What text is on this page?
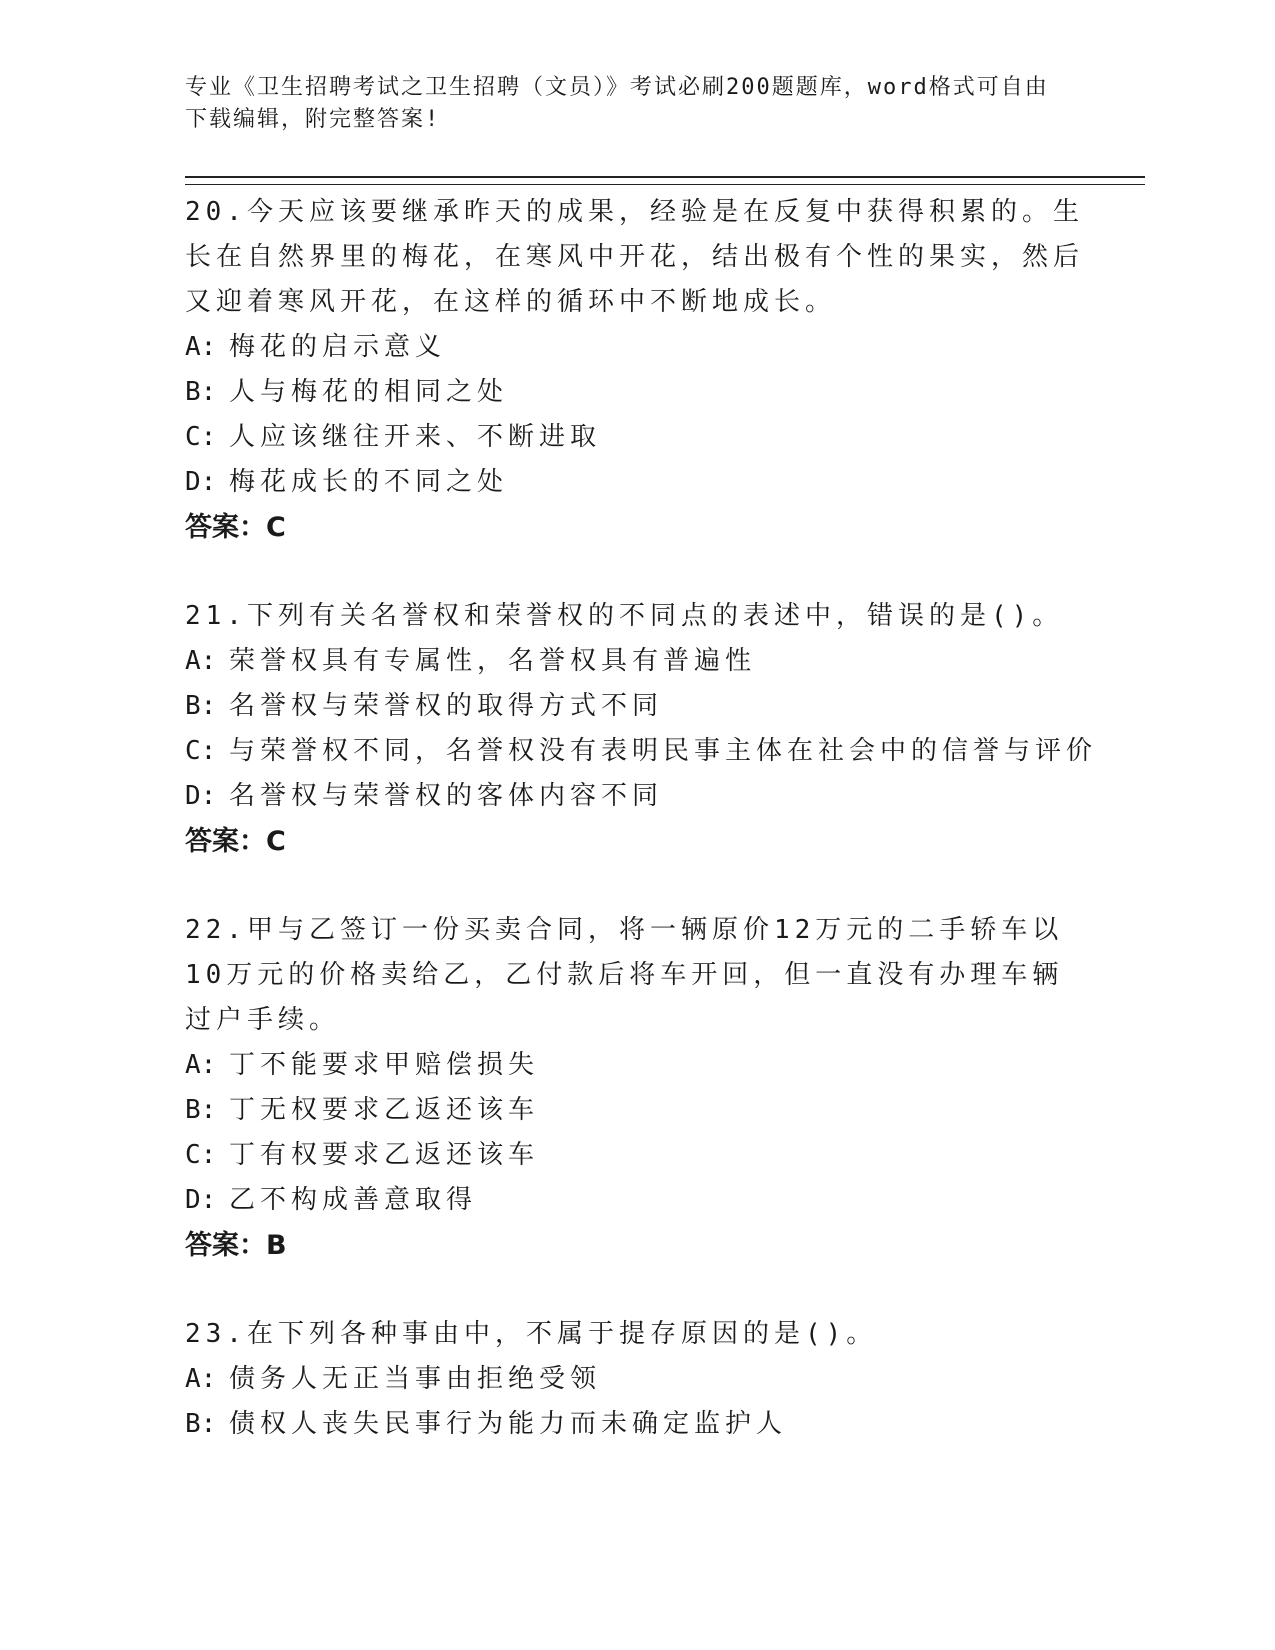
专业《卫生招聘考试之卫生招聘（文员）》考试必刷200题题库，word格式可自由下载编辑，附完整答案!
20.今天应该要继承昨天的成果，经验是在反复中获得积累的。生长在自然界里的梅花，在寒风中开花，结出极有个性的果实，然后又迎着寒风开花，在这样的循环中不断地成长。
A: 梅花的启示意义
B: 人与梅花的相同之处
C: 人应该继往开来、不断进取
D: 梅花成长的不同之处
答案：C
21.下列有关名誉权和荣誉权的不同点的表述中，错误的是()。
A: 荣誉权具有专属性，名誉权具有普遍性
B: 名誉权与荣誉权的取得方式不同
C: 与荣誉权不同，名誉权没有表明民事主体在社会中的信誉与评价
D: 名誉权与荣誉权的客体内容不同
答案：C
22.甲与乙签订一份买卖合同，将一辆原价12万元的二手轿车以10万元的价格卖给乙，乙付款后将车开回，但一直没有办理车辆过户手续。
A: 丁不能要求甲赔偿损失
B: 丁无权要求乙返还该车
C: 丁有权要求乙返还该车
D: 乙不构成善意取得
答案：B
23.在下列各种事由中，不属于提存原因的是()。
A: 债务人无正当事由拒绝受领
B: 债权人丧失民事行为能力而未确定监护人
